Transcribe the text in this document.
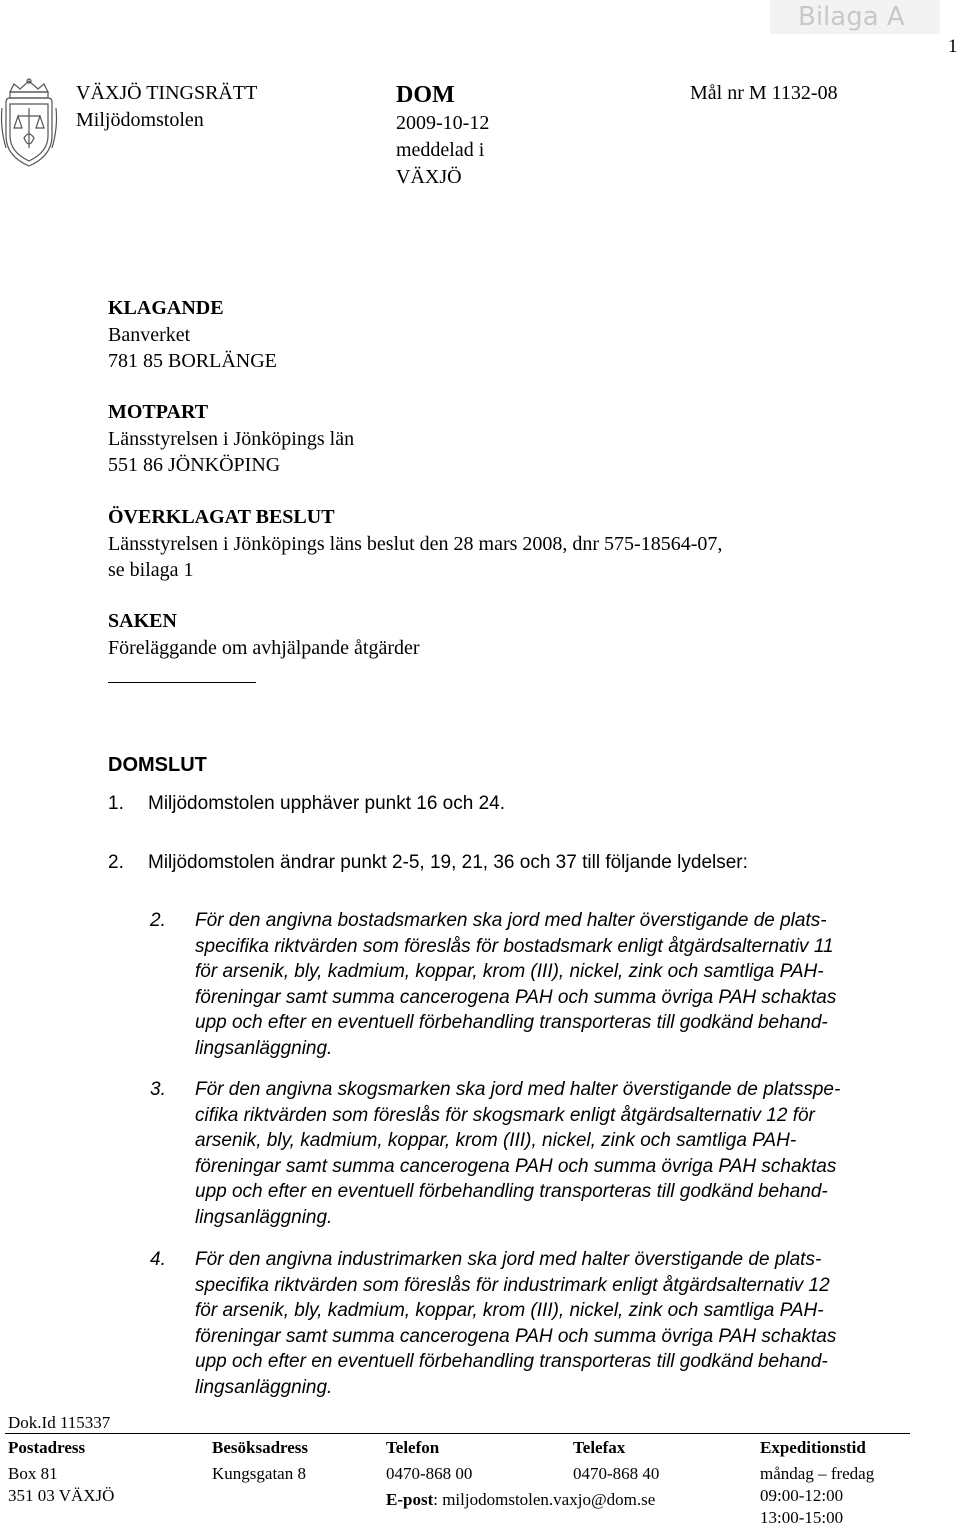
Bilaga A
1
VÄXJÖ TINGSRÄTT
Miljödomstolen
DOM
2009-10-12
meddelad i
VÄXJÖ
Mål nr M 1132-08
KLAGANDE
Banverket
781 85 BORLÄNGE
MOTPART
Länsstyrelsen i Jönköpings län
551 86 JÖNKÖPING
ÖVERKLAGAT BESLUT
Länsstyrelsen i Jönköpings läns beslut den 28 mars 2008, dnr 575-18564-07,
se bilaga 1
SAKEN
Föreläggande om avhjälpande åtgärder
DOMSLUT
1. Miljödomstolen upphäver punkt 16 och 24.
2. Miljödomstolen ändrar punkt 2-5, 19, 21, 36 och 37 till följande lydelser:
2. För den angivna bostadsmarken ska jord med halter överstigande de plats-
specifika riktvärden som föreslås för bostadsmark enligt åtgärdsalternativ 11
för arsenik, bly, kadmium, koppar, krom (III), nickel, zink och samtliga PAH-
föreningar samt summa cancerogena PAH och summa övriga PAH schaktas
upp och efter en eventuell förbehandling transporteras till godkänd behand-
lingsanläggning.
3. För den angivna skogsmarken ska jord med halter överstigande de platsspe-
cifika riktvärden som föreslås för skogsmark enligt åtgärdsalternativ 12 för
arsenik, bly, kadmium, koppar, krom (III), nickel, zink och samtliga PAH-
föreningar samt summa cancerogena PAH och summa övriga PAH schaktas
upp och efter en eventuell förbehandling transporteras till godkänd behand-
lingsanläggning.
4. För den angivna industrimarken ska jord med halter överstigande de plats-
specifika riktvärden som föreslås för industrimark enligt åtgärdsalternativ 12
för arsenik, bly, kadmium, koppar, krom (III), nickel, zink och samtliga PAH-
föreningar samt summa cancerogena PAH och summa övriga PAH schaktas
upp och efter en eventuell förbehandling transporteras till godkänd behand-
lingsanläggning.
Dok.Id 115337
Postadress
Box 81
351 03 VÄXJÖ
Besöksadress
Kungsgatan 8
Telefon
0470-868 00
E-post: miljodomstolen.vaxjo@dom.se
Telefax
0470-868 40
Expeditionstid
måndag – fredag
09:00-12:00
13:00-15:00
